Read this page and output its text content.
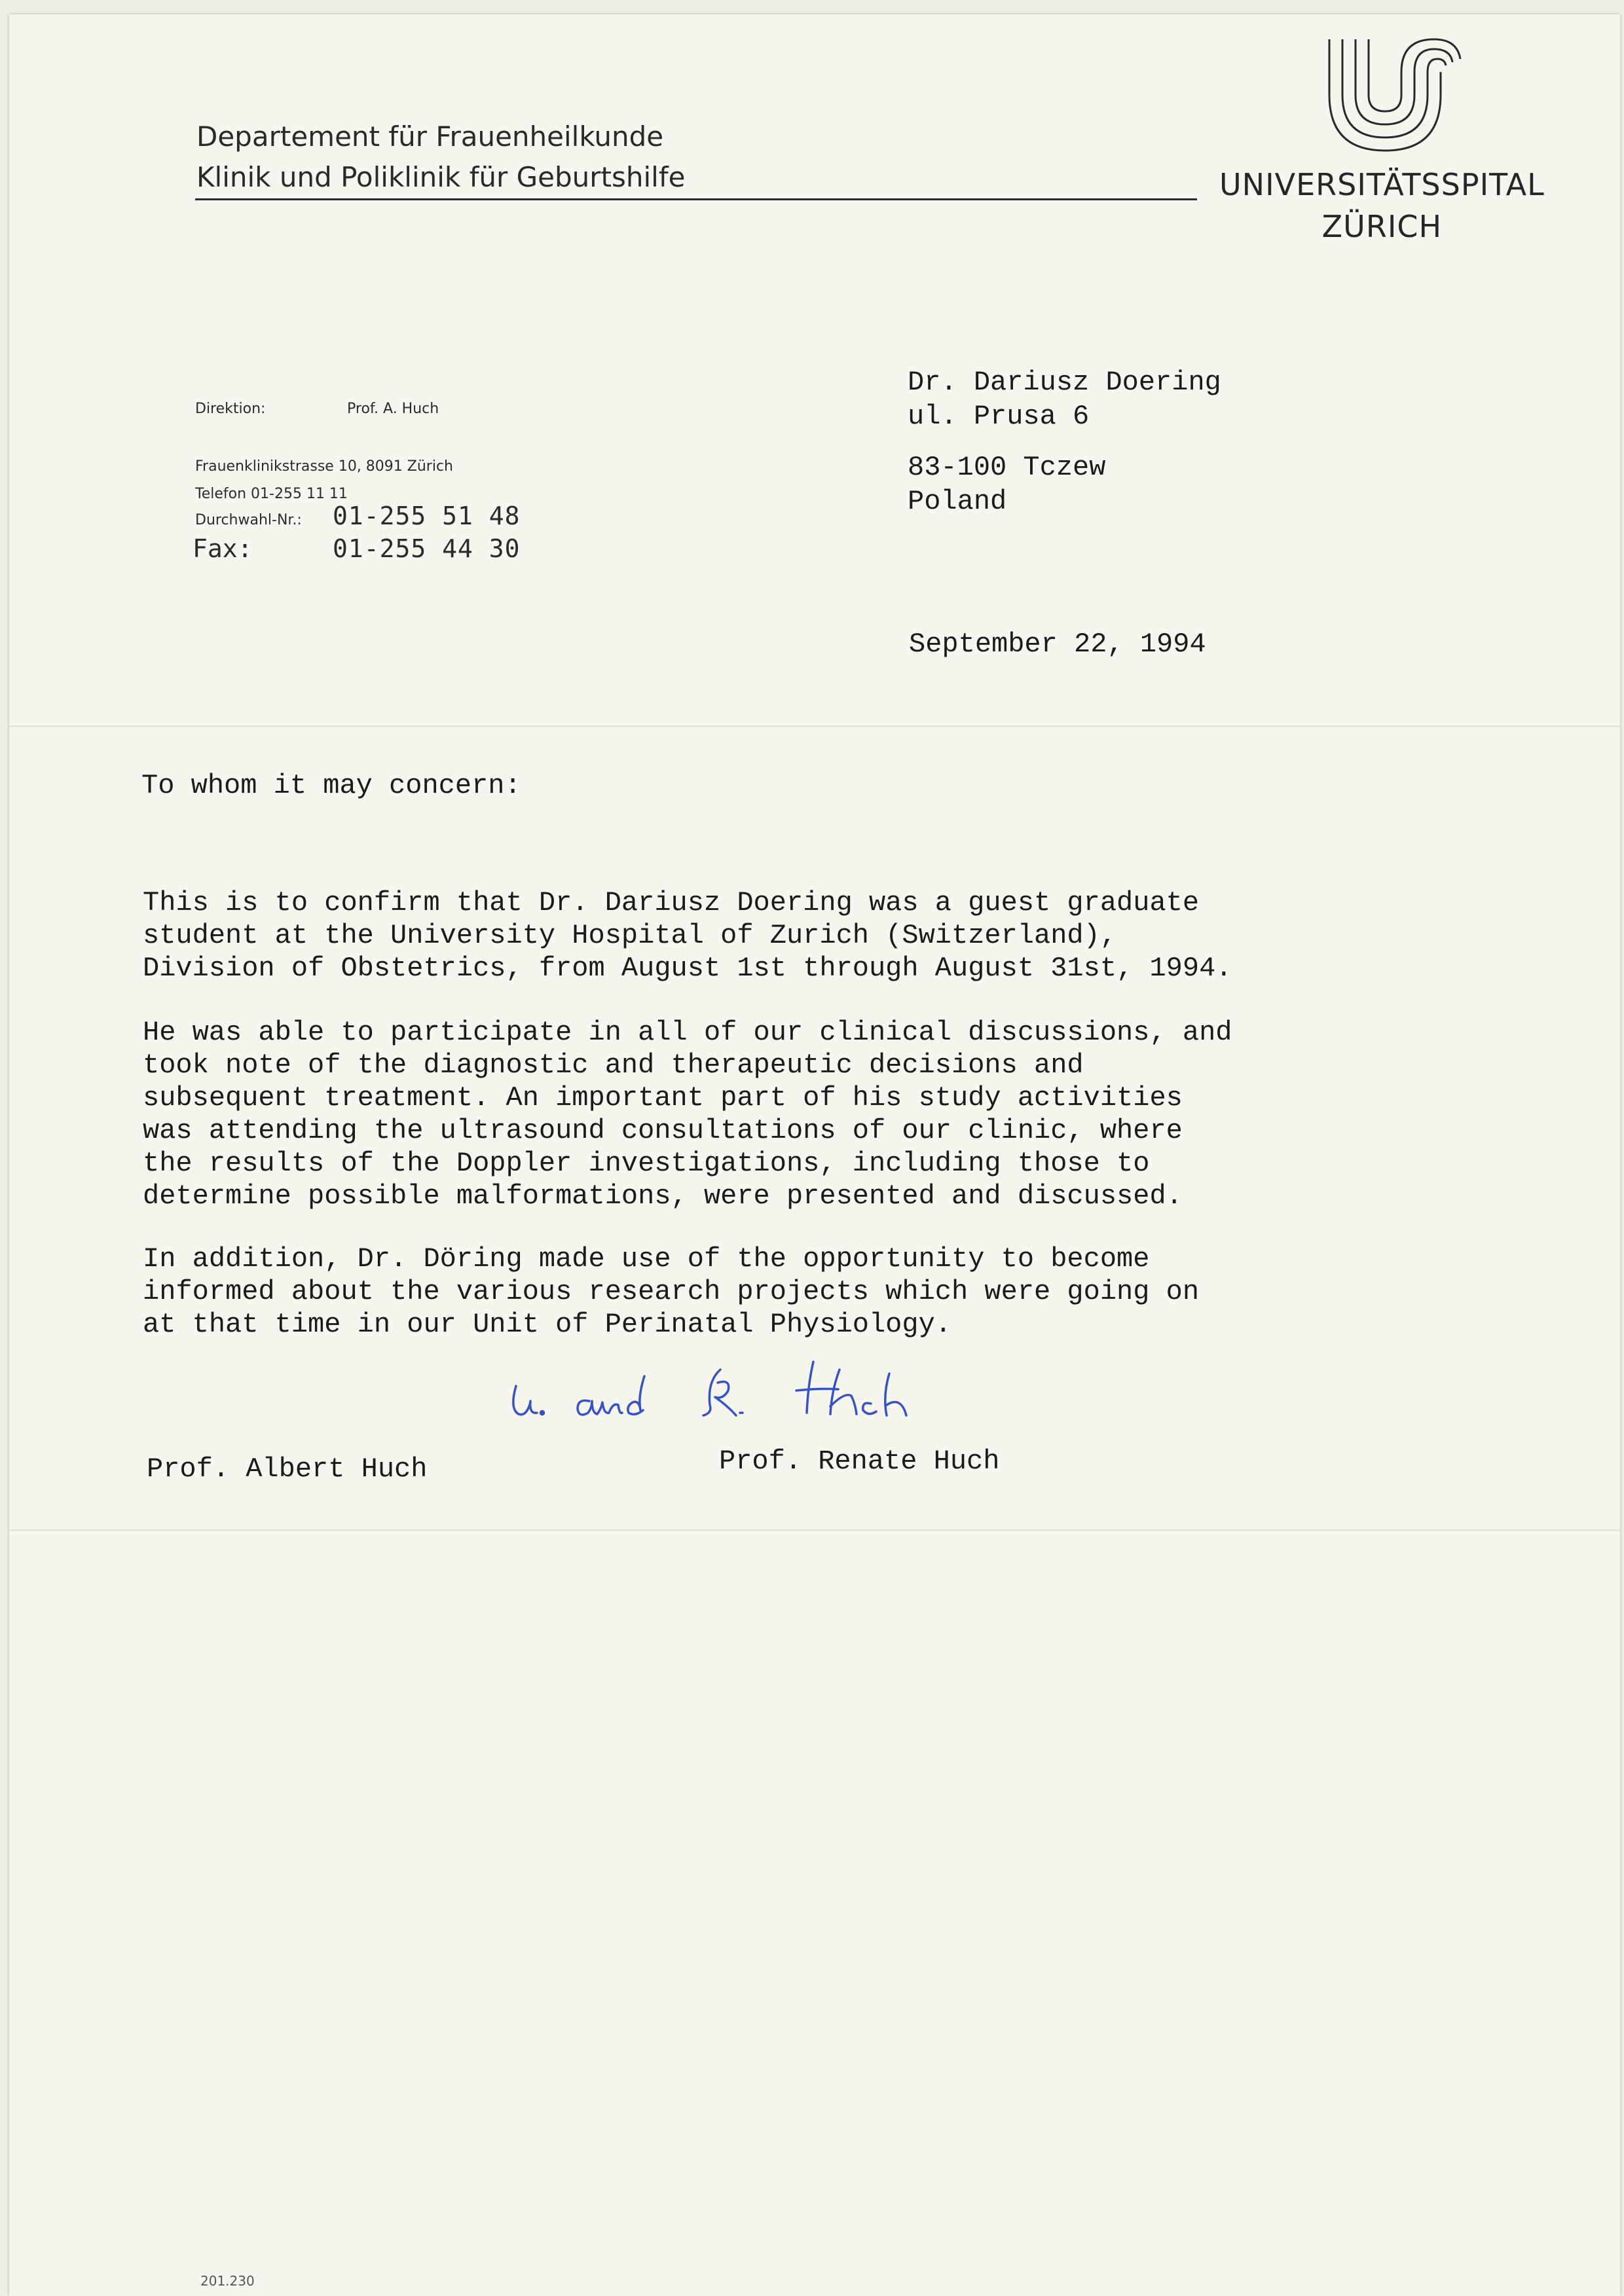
Departement für Frauenheilkunde
Klinik und Poliklinik für Geburtshilfe	UNIVERSITÄTSSPITAL
ZÜRICH
Direktion:	Prof. A. Huch
Frauenklinikstrasse 10, 8091 Zürich
Telefon 01-255 11 11
Durchwahl-Nr.: 01-255 51 48
Fax:	01-255 44 30
Dr. Dariusz Doering
ul. Prusa 6
83-100 Tczew
Poland
September 22, 1994
To whom it may concern:
This is to confirm that Dr. Dariusz Doering was a guest graduate
student at the University Hospital of Zurich (Switzerland),
Division of Obstetrics, from August 1st through August 31st, 1994.
He was able to participate in all of our clinical discussions, and
took note of the diagnostic and therapeutic decisions and
subsequent treatment. An important part of his study activities
was attending the ultrasound consultations of our clinic, where
the results of the Doppler investigations, including those to
determine possible malformations, were presented and discussed.
In addition, Dr. Döring made use of the opportunity to become
informed about the various research projects which were going on
at that time in our Unit of Perinatal Physiology.
Prof. Albert Huch	Prof. Renate Huch
201.230
